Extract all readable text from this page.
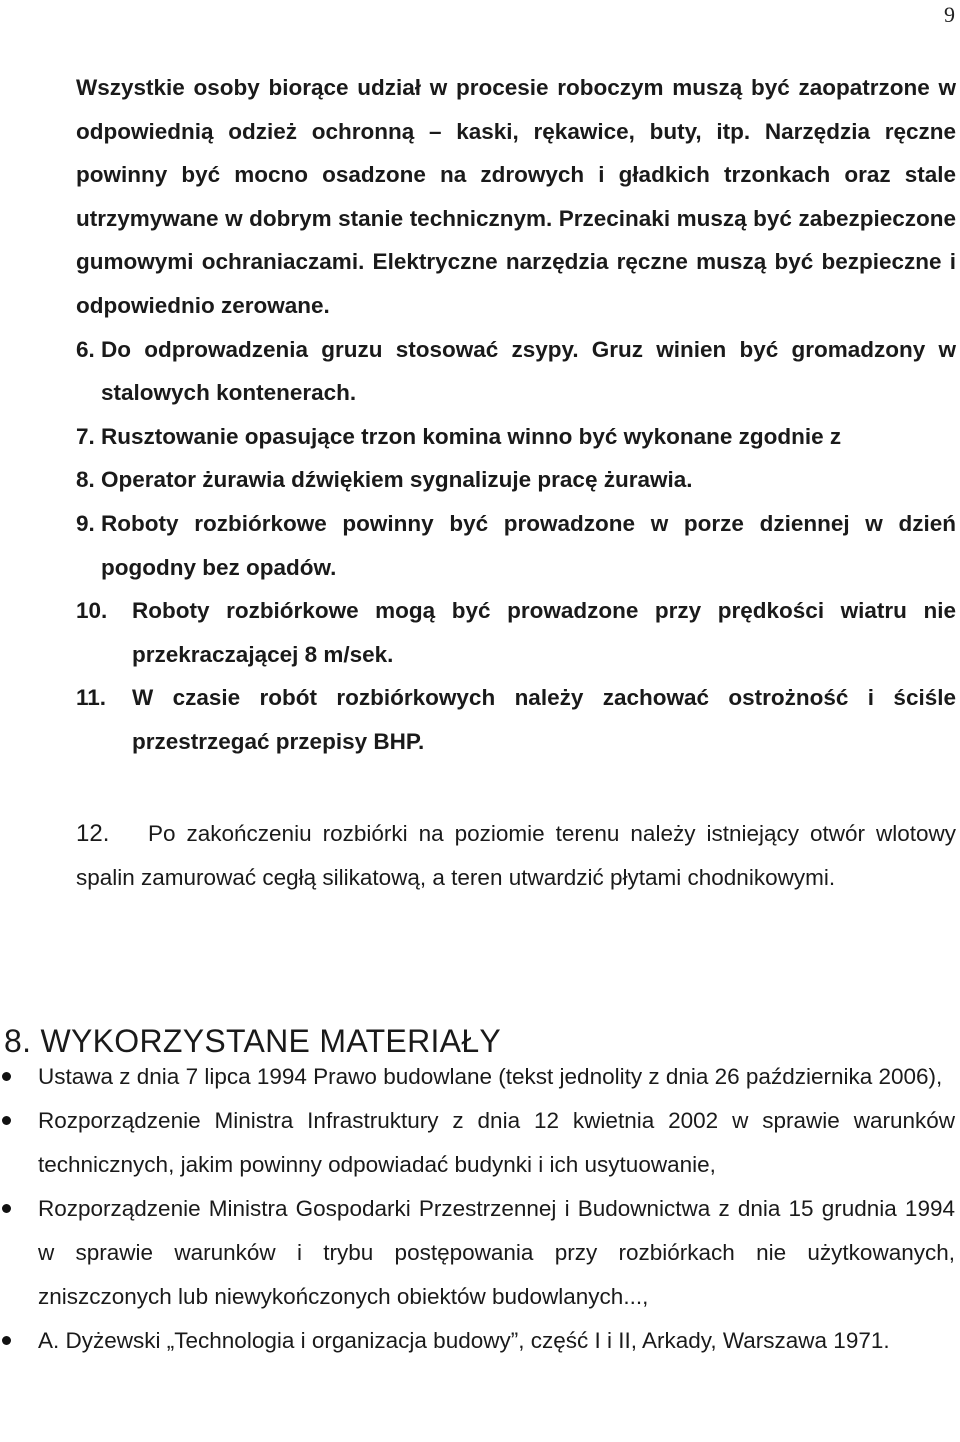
9
Wszystkie osoby biorące udział w procesie roboczym muszą być zaopatrzone w odpowiednią odzież ochronną – kaski, rękawice, buty, itp. Narzędzia ręczne powinny być mocno osadzone na zdrowych i gładkich trzonkach oraz stale utrzymywane w dobrym stanie technicznym. Przecinaki muszą być zabezpieczone gumowymi ochraniaczami. Elektryczne narzędzia ręczne muszą być bezpieczne i odpowiednio zerowane.
6. Do odprowadzenia gruzu stosować zsypy. Gruz winien być gromadzony w stalowych kontenerach.
7. Rusztowanie opasujące trzon komina winno być wykonane zgodnie z
8. Operator żurawia dźwiękiem sygnalizuje pracę żurawia.
9. Roboty rozbiórkowe powinny być prowadzone w porze dziennej w dzień pogodny bez opadów.
10.	Roboty rozbiórkowe mogą być prowadzone przy prędkości wiatru nie przekraczającej 8 m/sek.
11.	W czasie robót rozbiórkowych należy zachować ostrożność i ściśle przestrzegać przepisy BHP.
12. Po zakończeniu rozbiórki na poziomie terenu należy istniejący otwór wlotowy spalin zamurować cegłą silikatową, a teren utwardzić płytami chodnikowymi.
8. WYKORZYSTANE MATERIAŁY
Ustawa z dnia 7 lipca 1994 Prawo budowlane (tekst jednolity z dnia 26 października 2006),
Rozporządzenie Ministra Infrastruktury z dnia 12 kwietnia 2002 w sprawie warunków technicznych, jakim powinny odpowiadać budynki i ich usytuowanie,
Rozporządzenie Ministra Gospodarki Przestrzennej i Budownictwa z dnia 15 grudnia 1994 w sprawie warunków i trybu postępowania przy rozbiórkach nie użytkowanych, zniszczonych lub niewykończonych obiektów budowlanych...,
A. Dyżewski „Technologia i organizacja budowy”, część I i II, Arkady, Warszawa 1971.
